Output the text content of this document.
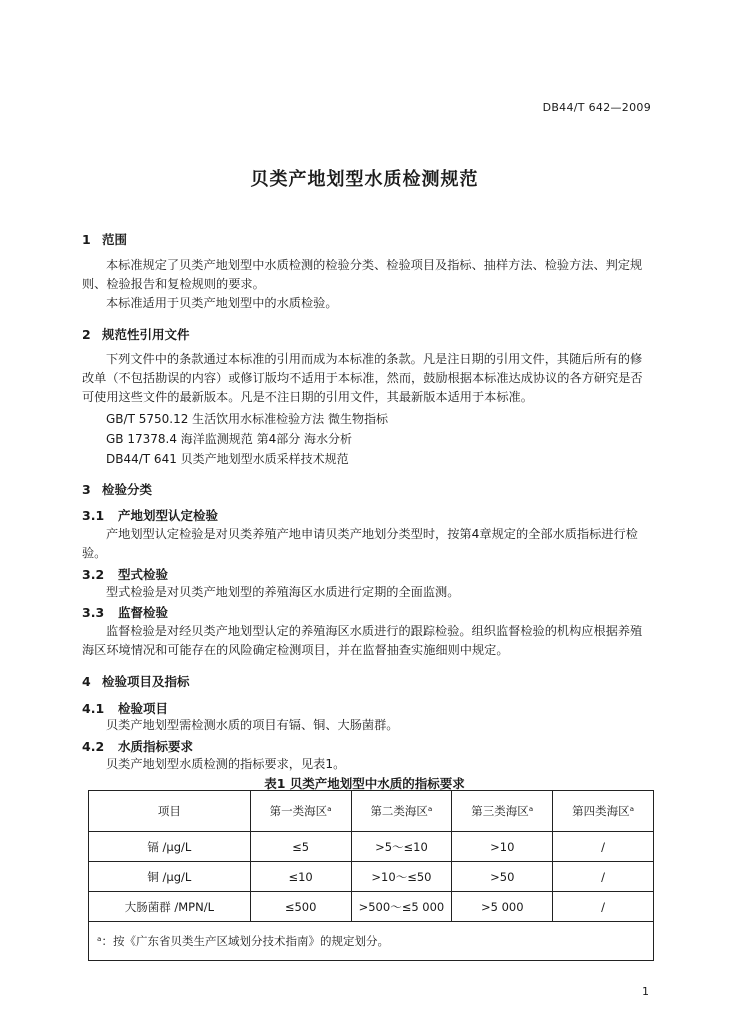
DB44/T 642—2009
贝类产地划型水质检测规范
1 范围

本标准规定了贝类产地划型中水质检测的检验分类、检验项目及指标、抽样方法、检验方法、判定规则、检验报告和复检规则的要求。

本标准适用于贝类产地划型中的水质检验。

2 规范性引用文件

下列文件中的条款通过本标准的引用而成为本标准的条款。凡是注日期的引用文件，其随后所有的修改单（不包括勘误的内容）或修订版均不适用于本标准，然而，鼓励根据本标准达成协议的各方研究是否可使用这些文件的最新版本。凡是不注日期的引用文件，其最新版本适用于本标准。

GB/T 5750.12 生活饮用水标准检验方法 微生物指标
GB 17378.4 海洋监测规范 第4部分 海水分析
DB44/T 641 贝类产地划型水质采样技术规范
3 检验分类
3.1 产地划型认定检验

产地划型认定检验是对贝类养殖产地申请贝类产地划分类型时，按第4章规定的全部水质指标进行检验。

3.2 型式检验

型式检验是对贝类产地划型的养殖海区水质进行定期的全面监测。

3.3 监督检验

监督检验是对经贝类产地划型认定的养殖海区水质进行的跟踪检验。组织监督检验的机构应根据养殖海区环境情况和可能存在的风险确定检测项目，并在监督抽查实施细则中规定。

4 检验项目及指标
4.1 检验项目

贝类产地划型需检测水质的项目有镉、铜、大肠菌群。

4.2 水质指标要求

贝类产地划型水质检测的指标要求，见表1。

表1 贝类产地划型中水质的指标要求
项目	第一类海区ᵃ	第二类海区ᵃ	第三类海区ᵃ	第四类海区ᵃ
镉 /μg/L	≤5	>5～≤10	>10	/
铜 /μg/L	≤10	>10～≤50	>50	/
大肠菌群 /MPN/L	≤500	>500～≤5 000	>5 000	/
ᵃ：按《广东省贝类生产区域划分技术指南》的规定划分。				
1
